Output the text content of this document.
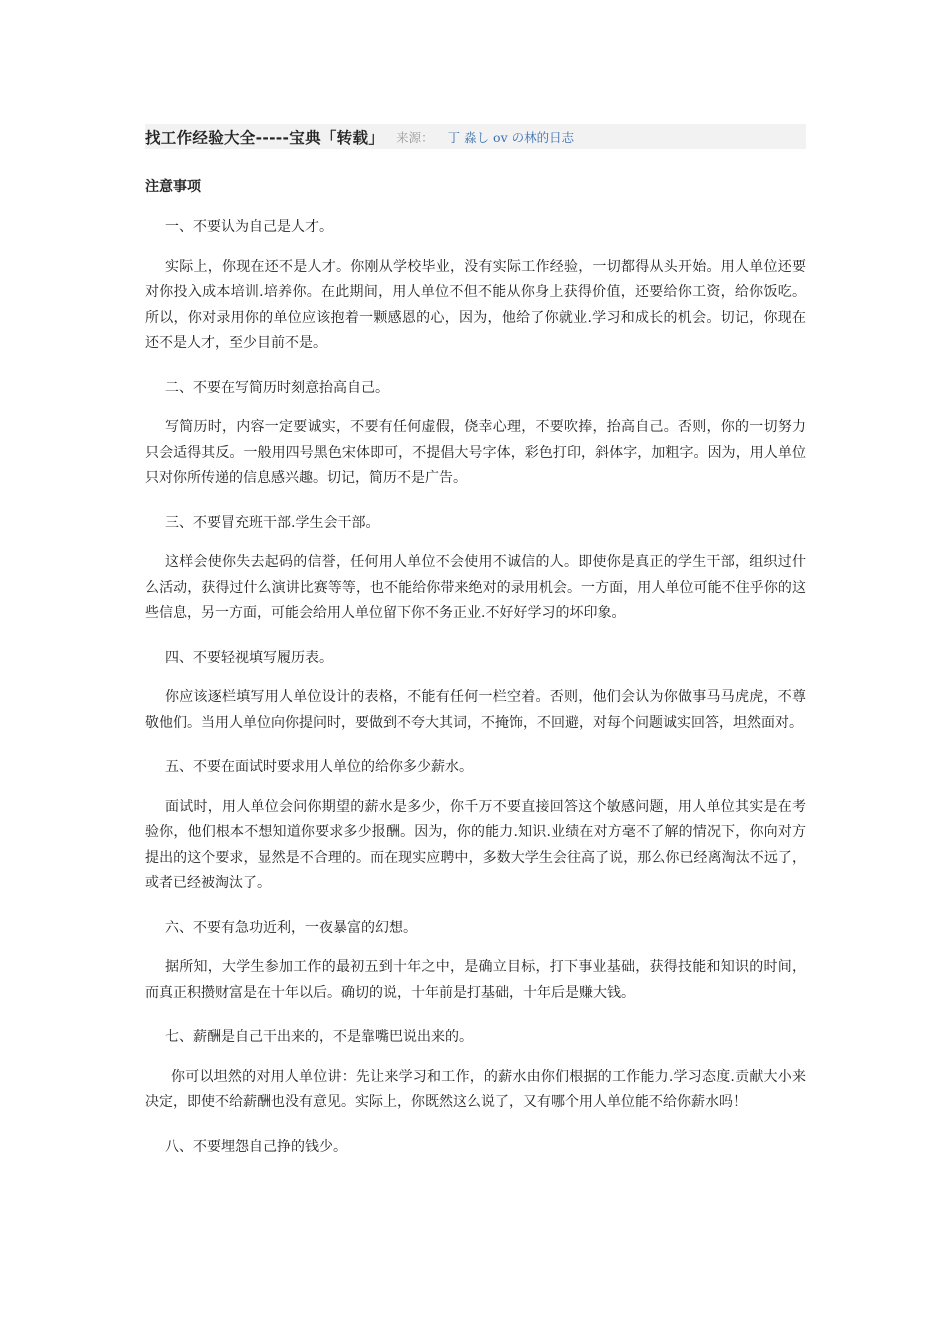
找工作经验大全-----宝典「转载」 来源： 丁 淼し ov の林的日志
注意事项
一、不要认为自己是人才。
实际上，你现在还不是人才。你刚从学校毕业，没有实际工作经验，一切都得从头开始。用人单位还要对你投入成本培训.培养你。在此期间，用人单位不但不能从你身上获得价值，还要给你工资，给你饭吃。所以，你对录用你的单位应该抱着一颗感恩的心，因为，他给了你就业.学习和成长的机会。切记，你现在还不是人才，至少目前不是。
二、不要在写简历时刻意抬高自己。
写简历时，内容一定要诚实，不要有任何虚假，侥幸心理，不要吹捧，抬高自己。否则，你的一切努力只会适得其反。一般用四号黑色宋体即可，不提倡大号字体，彩色打印，斜体字，加粗字。因为，用人单位只对你所传递的信息感兴趣。切记，简历不是广告。
三、不要冒充班干部.学生会干部。
这样会使你失去起码的信誉，任何用人单位不会使用不诚信的人。即使你是真正的学生干部，组织过什么活动，获得过什么演讲比赛等等，也不能给你带来绝对的录用机会。一方面，用人单位可能不住乎你的这些信息，另一方面，可能会给用人单位留下你不务正业.不好好学习的坏印象。
四、不要轻视填写履历表。
你应该逐栏填写用人单位设计的表格，不能有任何一栏空着。否则，他们会认为你做事马马虎虎，不尊敬他们。当用人单位向你提问时，要做到不夸大其词，不掩饰，不回避，对每个问题诚实回答，坦然面对。
五、不要在面试时要求用人单位的给你多少薪水。
面试时，用人单位会问你期望的薪水是多少，你千万不要直接回答这个敏感问题，用人单位其实是在考验你，他们根本不想知道你要求多少报酬。因为，你的能力.知识.业绩在对方毫不了解的情况下，你向对方提出的这个要求，显然是不合理的。而在现实应聘中，多数大学生会往高了说，那么你已经离淘汰不远了，或者已经被淘汰了。
六、不要有急功近利，一夜暴富的幻想。
据所知，大学生参加工作的最初五到十年之中，是确立目标，打下事业基础，获得技能和知识的时间，而真正积攒财富是在十年以后。确切的说，十年前是打基础，十年后是赚大钱。
七、薪酬是自己干出来的，不是靠嘴巴说出来的。
你可以坦然的对用人单位讲：先让来学习和工作，的薪水由你们根据的工作能力.学习态度.贡献大小来决定，即使不给薪酬也没有意见。实际上，你既然这么说了，又有哪个用人单位能不给你薪水吗！
八、不要埋怨自己挣的钱少。
